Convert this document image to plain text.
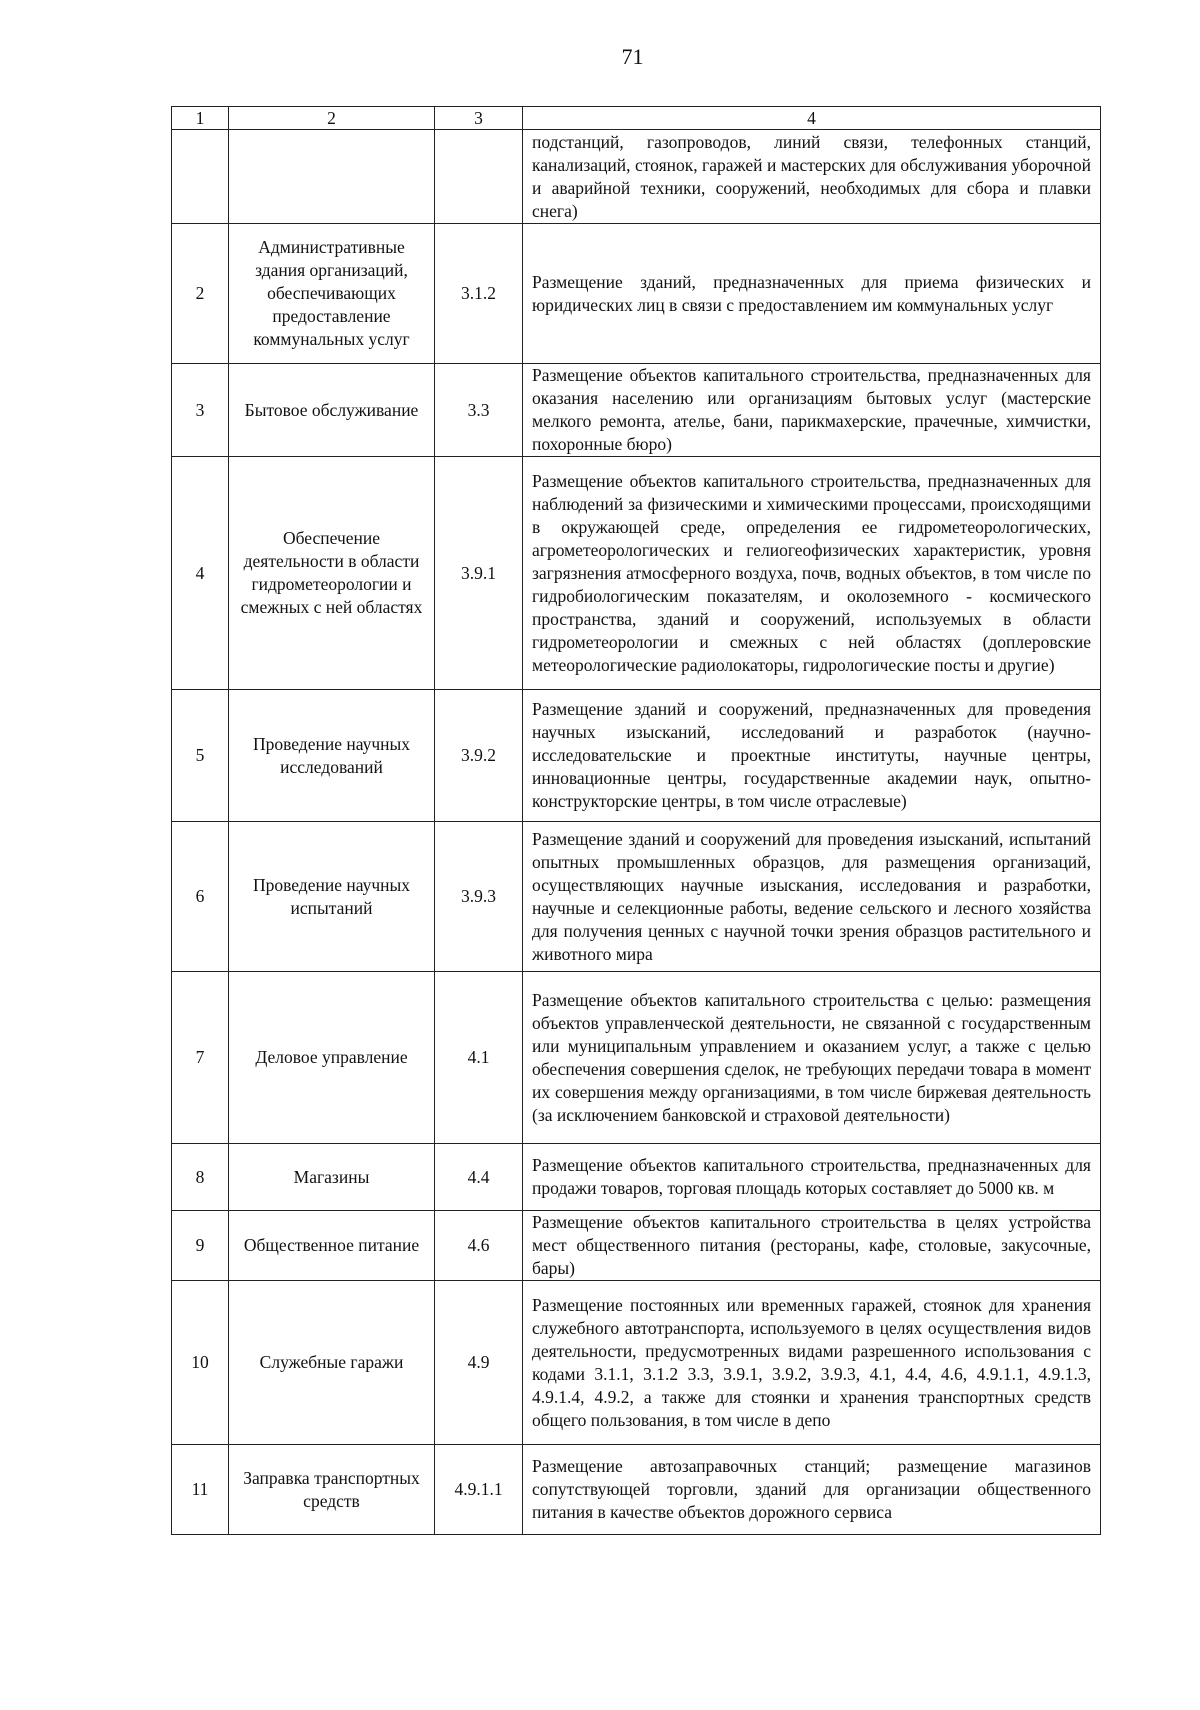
71
1	2	3	4
			подстанций, газопроводов, линий связи, телефонных станций, канализаций, стоянок, гаражей и мастерских для обслуживания уборочной и аварийной техники, сооружений, необходимых для сбора и плавки снега)
2	Административные здания организаций, обеспечивающих предоставление коммунальных услуг	3.1.2	Размещение зданий, предназначенных для приема физических и юридических лиц в связи с предоставлением им коммунальных услуг
3	Бытовое обслуживание	3.3	Размещение объектов капитального строительства, предназначенных для оказания населению или организациям бытовых услуг (мастерские мелкого ремонта, ателье, бани, парикмахерские, прачечные, химчистки, похоронные бюро)
4	Обеспечение деятельности в области гидрометеорологии и смежных с ней областях	3.9.1	Размещение объектов капитального строительства, предназначенных для наблюдений за физическими и химическими процессами, происходящими в окружающей среде, определения ее гидрометеорологических, агрометеорологических и гелиогеофизических характеристик, уровня загрязнения атмосферного воздуха, почв, водных объектов, в том числе по гидробиологическим показателям, и околоземного - космического пространства, зданий и сооружений, используемых в области гидрометеорологии и смежных с ней областях (доплеровские метеорологические радиолокаторы, гидрологические посты и другие)
5	Проведение научных исследований	3.9.2	Размещение зданий и сооружений, предназначенных для проведения научных изысканий, исследований и разработок (научно-исследовательские и проектные институты, научные центры, инновационные центры, государственные академии наук, опытно-конструкторские центры, в том числе отраслевые)
6	Проведение научных испытаний	3.9.3	Размещение зданий и сооружений для проведения изысканий, испытаний опытных промышленных образцов, для размещения организаций, осуществляющих научные изыскания, исследования и разработки, научные и селекционные работы, ведение сельского и лесного хозяйства для получения ценных с научной точки зрения образцов растительного и животного мира
7	Деловое управление	4.1	Размещение объектов капитального строительства с целью: размещения объектов управленческой деятельности, не связанной с государственным или муниципальным управлением и оказанием услуг, а также с целью обеспечения совершения сделок, не требующих передачи товара в момент их совершения между организациями, в том числе биржевая деятельность (за исключением банковской и страховой деятельности)
8	Магазины	4.4	Размещение объектов капитального строительства, предназначенных для продажи товаров, торговая площадь которых составляет до 5000 кв. м
9	Общественное питание	4.6	Размещение объектов капитального строительства в целях устройства мест общественного питания (рестораны, кафе, столовые, закусочные, бары)
10	Служебные гаражи	4.9	Размещение постоянных или временных гаражей, стоянок для хранения служебного автотранспорта, используемого в целях осуществления видов деятельности, предусмотренных видами разрешенного использования с кодами 3.1.1, 3.1.2 3.3, 3.9.1, 3.9.2, 3.9.3, 4.1, 4.4, 4.6, 4.9.1.1, 4.9.1.3, 4.9.1.4, 4.9.2, а также для стоянки и хранения транспортных средств общего пользования, в том числе в депо
11	Заправка транспортных средств	4.9.1.1	Размещение автозаправочных станций; размещение магазинов сопутствующей торговли, зданий для организации общественного питания в качестве объектов дорожного сервиса
